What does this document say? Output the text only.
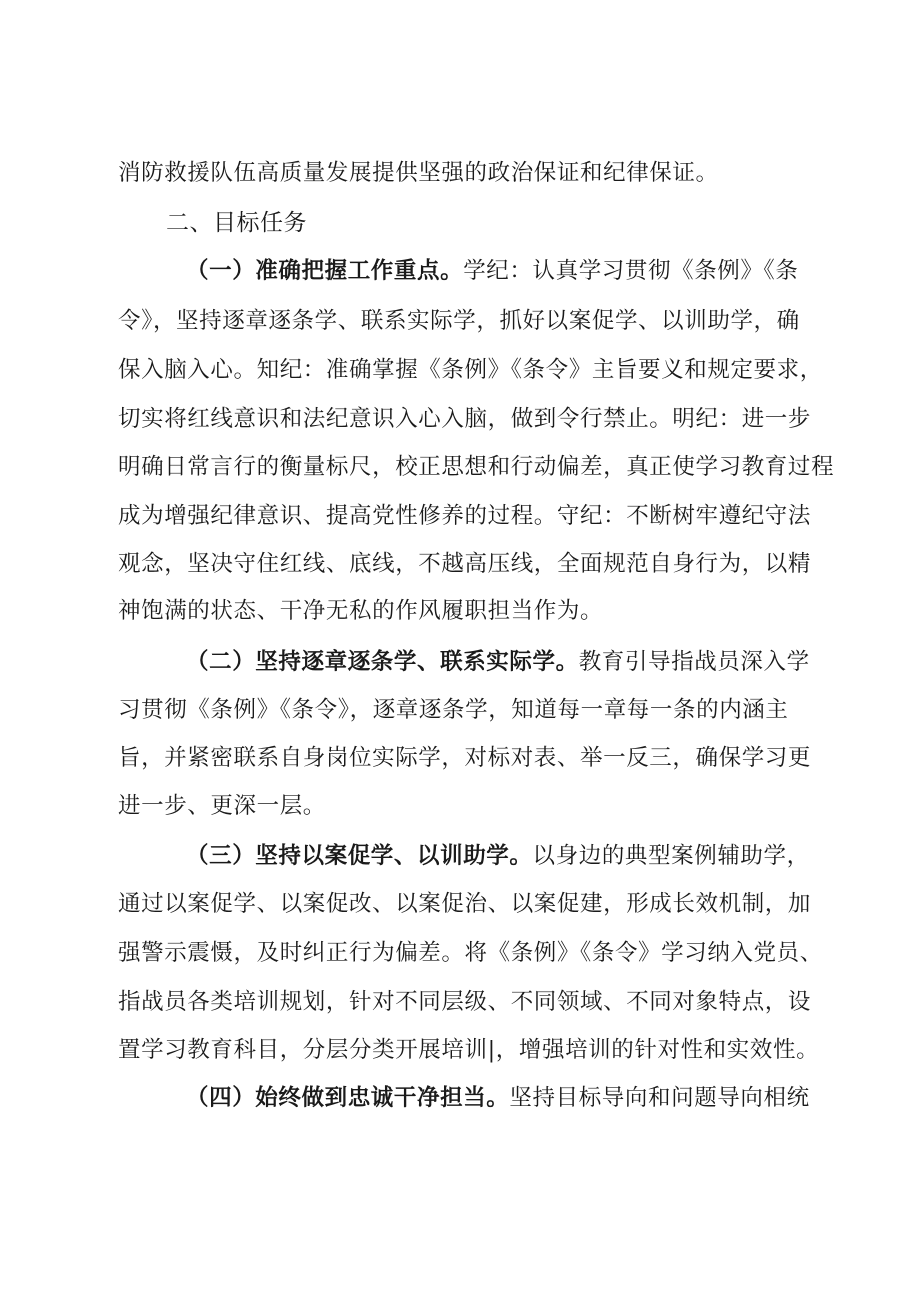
消防救援队伍高质量发展提供坚强的政治保证和纪律保证。
二、目标任务
（一）准确把握工作重点。学纪：认真学习贯彻《条例》《条
令》，坚持逐章逐条学、联系实际学，抓好以案促学、以训助学，确
保入脑入心。知纪：准确掌握《条例》《条令》主旨要义和规定要求，
切实将红线意识和法纪意识入心入脑，做到令行禁止。明纪：进一步
明确日常言行的衡量标尺，校正思想和行动偏差，真正使学习教育过程
成为增强纪律意识、提高党性修养的过程。守纪：不断树牢遵纪守法
观念，坚决守住红线、底线，不越高压线，全面规范自身行为，以精
神饱满的状态、干净无私的作风履职担当作为。
（二）坚持逐章逐条学、联系实际学。教育引导指战员深入学
习贯彻《条例》《条令》，逐章逐条学，知道每一章每一条的内涵主
旨，并紧密联系自身岗位实际学，对标对表、举一反三，确保学习更
进一步、更深一层。
（三）坚持以案促学、以训助学。以身边的典型案例辅助学，
通过以案促学、以案促改、以案促治、以案促建，形成长效机制，加
强警示震慑，及时纠正行为偏差。将《条例》《条令》学习纳入党员、
指战员各类培训规划，针对不同层级、不同领域、不同对象特点，设
置学习教育科目，分层分类开展培训|，增强培训的针对性和实效性。
（四）始终做到忠诚干净担当。坚持目标导向和问题导向相统
